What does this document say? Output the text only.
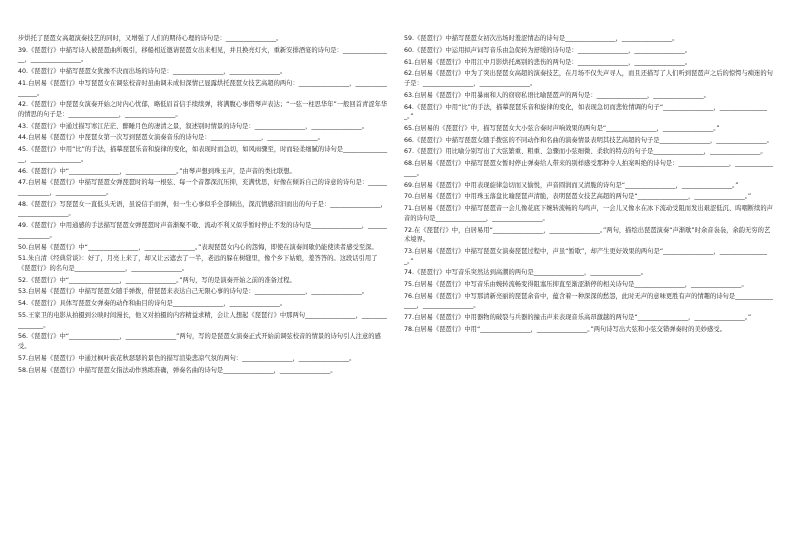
步烘托了琵琶女高超演奏技艺的同时，又增强了人们的期待心理的诗句是：________________。
39.《琵琶行》中描写诗人被琵琶曲所吸引，移船相近邀请琵琶女出来相见，并且换亮灯火，重新安排酒宴的诗句是：________________，________________。
40.《琵琶行》中描写琵琶女犹豫不决而出场的诗句是：________________，________________。
41.白居易《琵琶行》中写琵琶女在调弦校音时虽曲调未成但深情已显露烘托琵琶女技艺高超的两句：________________，________________。
42.《琵琶行》中琵琶女演奏开始之时内心忧郁，略低眉首信手续续弹，将满腹心事借琴声表达；“一弦一柱思华年”一般回首青涩年华的情思的句子是：________________，________________。
43.《琵琶行》中通过描写寒江茫茫、醉睡月色的凄清之景，叙述别时情景的诗句是：________________，________________。
44.白居易《琵琶行》中琵琶女第一次写到琵琶女演奏音乐的诗句是：________________，________________。
45.《琵琶行》中用“比”的手法，描摹琵琶乐音和旋律的变化，如表现时而急切，如风雨骤至，时而轻柔细腻的诗句是________________，________________。
46.《琵琶行》中“________________，________________。”由琴声想到珠玉声，是声音的类比联想。
47.白居易《琵琶行》中描写琵琶女弹琵琶时的每一根弦、每一个音都深沉压抑，充满忧思，好像在倾诉自己的诗意的诗句是：________________，________________。
48.《琵琶行》写琵琶女一直低头无语，虽说信手而弹，但一生心事似乎全部倾出，深沉情感汩汩而出的句子是：________________，________________。
49.《琵琶行》中用通感的手法描写琵琶女弹琵琶时声音渐聚不歇、流动不利又似乎暂时停止不发的诗句是________________，________________。
50.白居易《琵琶行》中“________________，________________。”表现琵琶女内心的怨悔，即使在演奏间歇仍能使读者感受至深。
51.朱自清《经典常谈》：好了，月亮上来了，却又让云遮去了一半，老远的躲在树缝里，像个乡下姑娘，羞答答的。这段话引用了《琵琶行》的名句是________________，________________。
52.《琵琶行》中“________________，________________。”两句，写的是演奏开始之前的准备过程。
53.白居易《琵琶行》中描写琵琶女随手弹拨，借琵琶来表达自己无限心事的诗句是：________________，________________。
54.《琵琶行》具体写琵琶女弹奏的动作和曲目的诗句是________________，________________。
55.王家卫的电影从拍摄到公映时间漫长，他又对拍摄的内容精益求精，会让人想起《琵琶行》中那两句________________，________________。
56.《琵琶行》中“________________，________________”两句，写的是琵琶女演奏正式开始前调弦校音的情景的诗句引人注意的感受。
57.白居易《琵琶行》中通过枫叶荻花秋瑟瑟的景色的描写渲染悲凉气氛的两句：________________，________________。
58.白居易《琵琶行》中描写琵琶女指法动作熟练准确，弹奏名曲的诗句是________________，________________。
59.《琵琶行》中描写琵琶女初次出场时羞涩情态的诗句是________________，________________。
60.《琵琶行》中运用拟声词写音乐由急促转为舒缓的诗句是：________________，________________。
61.白居易《琵琶行》中用江中月影烘托离别的悲伤的两句是：________________，________________。
62.白居易《琵琶行》中为了突出琵琶女高超的演奏技艺，在月场不仅失声寻人，而且还描写了人们听到琵琶声之后的惊愕与痴迷的句子是：________________，________________。
63.白居易《琵琶行》中用暴雨和人的窃窃私语比喻琵琶声的两句是：________________，________________。
64.《琵琶行》中用“比”的手法，描摹琵琶乐音和旋律的变化，如表现急切而悲怆情调的句子“________________，________________。”
65.白居易的《琵琶行》中，描写琵琶女大小弦合奏时声响效果的两句是“________________，________________。”
66.《琵琶行》中描写琵琶女随手拨弦的不同动作和名曲的演奏情景表明其技艺高超的句子是________________，________________。
67.《琵琶行》用比喻分别写出了大弦繁重、粗重、急骤而小弦细微、柔软的特点的句子是________________，________________。
68.白居易《琵琶行》中描写琵琶女暂时停止弹奏给人带来的别样感受那种令人拍案叫绝的诗句是：________________，________________。
69.白居易《琵琶行》中用表现旋律急切而又愉悦，声音圆润而又清脆的诗句是“________________，________________。”
70.白居易《琵琶行》中用珠玉落盘比喻琵琶声清脆，表明琵琶女技艺高超的两句是“________________，________________。”
71.白居易《琵琶行》中描写琵琶音一会儿像花底下婉转流畅的鸟鸣声，一会儿又像水在冰下流动受阻而发出艰涩低沉、呜咽断续的声音的诗句是________________，________________。
72.在《琵琶行》中，白居易用“________________，________________。”两句，描绘出琵琶演奏“声渐歇”时余音袅袅，余韵无穷的艺术境界。
73.白居易《琵琶行》中描写琵琶女演奏琵琶过程中，声虽“暂歇”，却产生更好效果的两句是“________________，________________。”
74.《琵琶行》中写音乐突然达到高潮的两句是________________，________________。
75.白居易《琵琶行》中写音乐由婉转流畅变得阻塞压抑直至渐涩渐停的相关诗句是________________，________________。
76.白居易《琵琶行》中写那清新亮丽的琵琶余音中，蕴含着一种深深的愁怨，此时无声的意味更胜有声的情趣的诗句是________________，________________。
77.白居易《琵琶行》中用器物的破裂与兵器的撞击声来表现音乐高昂激越的两句是“________________，________________。”
78.白居易《琵琶行》中用“________________，________________。”两句诗写出大弦和小弦交错弹奏时的美妙感受。
